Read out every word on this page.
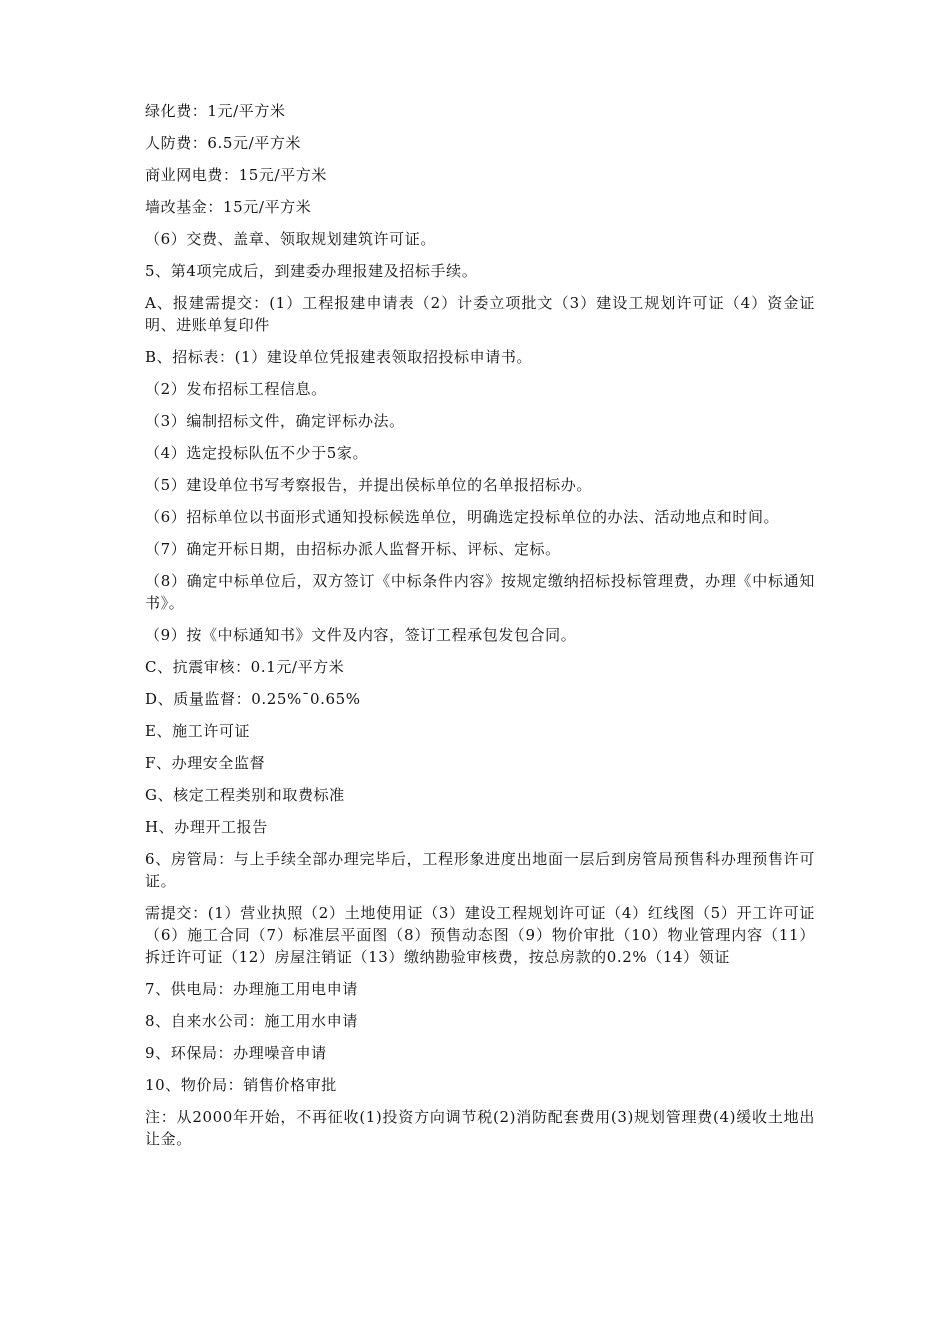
绿化费：1元/平方米

人防费：6.5元/平方米

商业网电费：15元/平方米

墙改基金：15元/平方米

（6）交费、盖章、领取规划建筑许可证。

5、第4项完成后，到建委办理报建及招标手续。

A、报建需提交：(1）工程报建申请表（2）计委立项批文（3）建设工规划许可证（4）资金证明、进账单复印件

B、招标表：(1）建设单位凭报建表领取招投标申请书。

（2）发布招标工程信息。

（3）编制招标文件，确定评标办法。

（4）选定投标队伍不少于5家。

（5）建设单位书写考察报告，并提出侯标单位的名单报招标办。

（6）招标单位以书面形式通知投标候选单位，明确选定投标单位的办法、活动地点和时间。

（7）确定开标日期，由招标办派人监督开标、评标、定标。

（8）确定中标单位后，双方签订《中标条件内容》按规定缴纳招标投标管理费，办理《中标通知书》。

（9）按《中标通知书》文件及内容，签订工程承包发包合同。

C、抗震审核：0.1元/平方米

D、质量监督：0.25%¯0.65%

E、施工许可证

F、办理安全监督

G、核定工程类别和取费标准

H、办理开工报告

6、房管局：与上手续全部办理完毕后，工程形象进度出地面一层后到房管局预售科办理预售许可证。

需提交：(1）营业执照（2）土地使用证（3）建设工程规划许可证（4）红线图（5）开工许可证（6）施工合同（7）标准层平面图（8）预售动态图（9）物价审批（10）物业管理内容（11）拆迁许可证（12）房屋注销证（13）缴纳勘验审核费，按总房款的0.2%（14）领证

7、供电局：办理施工用电申请

8、自来水公司：施工用水申请

9、环保局：办理噪音申请

10、物价局：销售价格审批

注：从2000年开始，不再征收(1)投资方向调节税(2)消防配套费用(3)规划管理费(4)缓收土地出让金。
